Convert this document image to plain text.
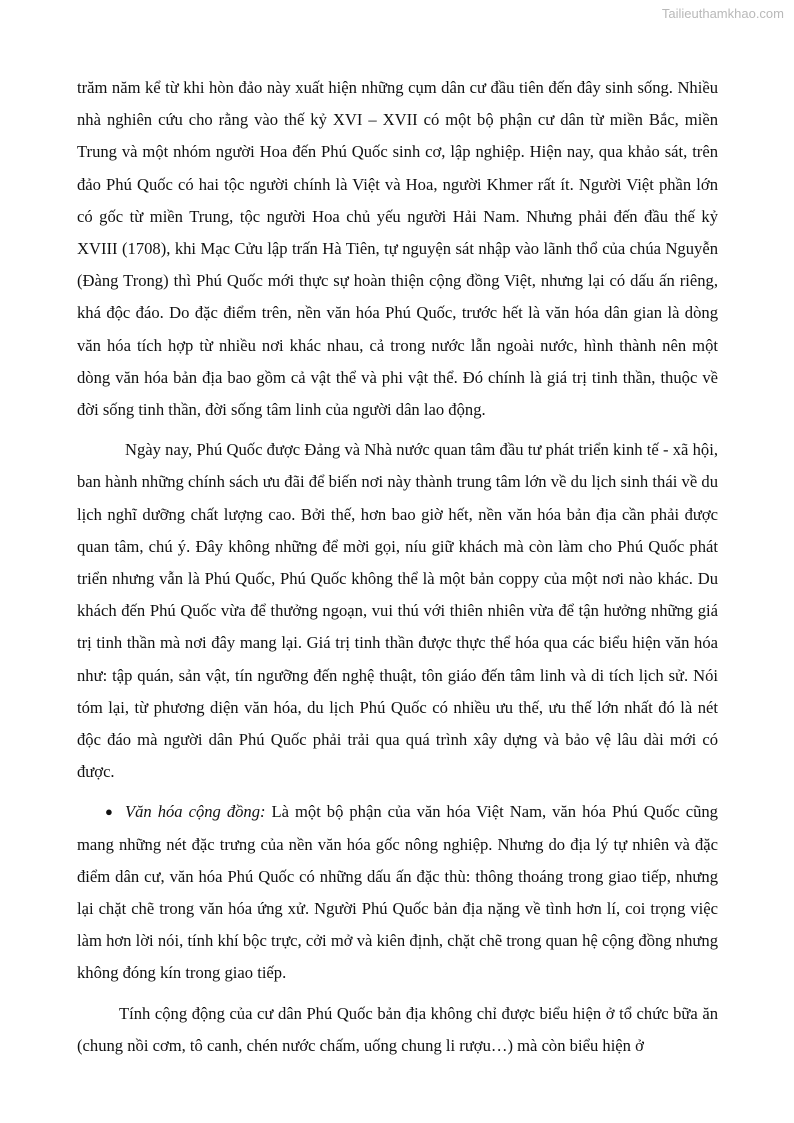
Tailieuthamkhao.com

trăm năm kể từ khi hòn đảo này xuất hiện những cụm dân cư đầu tiên đến đây sinh sống. Nhiều nhà nghiên cứu cho rằng vào thế kỷ XVI – XVII có một bộ phận cư dân từ miền Bắc, miền Trung và một nhóm người Hoa đến Phú Quốc sinh cơ, lập nghiệp. Hiện nay, qua khảo sát, trên đảo Phú Quốc có hai tộc người chính là Việt và Hoa, người Khmer rất ít. Người Việt phần lớn có gốc từ miền Trung, tộc người Hoa chủ yếu người Hải Nam. Nhưng phải đến đầu thế kỷ XVIII (1708), khi Mạc Cửu lập trấn Hà Tiên, tự nguyện sát nhập vào lãnh thổ của chúa Nguyễn (Đàng Trong) thì Phú Quốc mới thực sự hoàn thiện cộng đồng Việt, nhưng lại có dấu ấn riêng, khá độc đáo. Do đặc điểm trên, nền văn hóa Phú Quốc, trước hết là văn hóa dân gian là dòng văn hóa tích hợp từ nhiều nơi khác nhau, cả trong nước lẫn ngoài nước, hình thành nên một dòng văn hóa bản địa bao gồm cả vật thể và phi vật thể. Đó chính là giá trị tinh thần, thuộc về đời sống tinh thần, đời sống tâm linh của người dân lao động.

Ngày nay, Phú Quốc được Đảng và Nhà nước quan tâm đầu tư phát triển kinh tế - xã hội, ban hành những chính sách ưu đãi để biến nơi này thành trung tâm lớn về du lịch sinh thái về du lịch nghĩ dưỡng chất lượng cao. Bởi thế, hơn bao giờ hết, nền văn hóa bản địa cần phải được quan tâm, chú ý. Đây không những để mời gọi, níu giữ khách mà còn làm cho Phú Quốc phát triển nhưng vẫn là Phú Quốc, Phú Quốc không thể là một bản coppy của một nơi nào khác. Du khách đến Phú Quốc vừa để thưởng ngoạn, vui thú với thiên nhiên vừa để tận hưởng những giá trị tinh thần mà nơi đây mang lại. Giá trị tinh thần được thực thể hóa qua các biểu hiện văn hóa như: tập quán, sản vật, tín ngưỡng đến nghệ thuật, tôn giáo đến tâm linh và di tích lịch sử. Nói tóm lại, từ phương diện văn hóa, du lịch Phú Quốc có nhiều ưu thế, ưu thế lớn nhất đó là nét độc đáo mà người dân Phú Quốc phải trải qua quá trình xây dựng và bảo vệ lâu dài mới có được.

● Văn hóa cộng đồng: Là một bộ phận của văn hóa Việt Nam, văn hóa Phú Quốc cũng mang những nét đặc trưng của nền văn hóa gốc nông nghiệp. Nhưng do địa lý tự nhiên và đặc điểm dân cư, văn hóa Phú Quốc có những dấu ấn đặc thù: thông thoáng trong giao tiếp, nhưng lại chặt chẽ trong văn hóa ứng xử. Người Phú Quốc bản địa nặng về tình hơn lí, coi trọng việc làm hơn lời nói, tính khí bộc trực, cởi mở và kiên định, chặt chẽ trong quan hệ cộng đồng nhưng không đóng kín trong giao tiếp.

Tính cộng động của cư dân Phú Quốc bản địa không chỉ được biểu hiện ở tổ chức bữa ăn (chung nồi cơm, tô canh, chén nước chấm, uống chung li rượu…) mà còn biểu hiện ở
